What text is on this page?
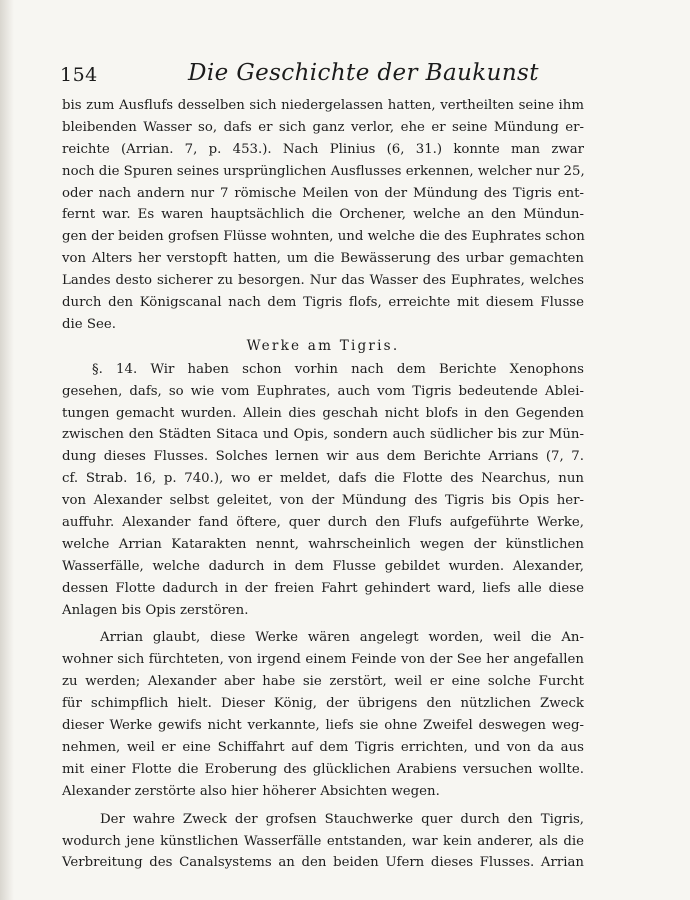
154	Die Geschichte der Baukunst
bis zum Ausflufs desselben sich niedergelassen hatten, vertheilten seine ihm
bleibenden Wasser so, dafs er sich ganz verlor, ehe er seine Mündung er-
reichte (Arrian. 7, p. 453.). Nach Plinius (6, 31.) konnte man zwar
noch die Spuren seines ursprünglichen Ausflusses erkennen, welcher nur 25,
oder nach andern nur 7 römische Meilen von der Mündung des Tigris ent-
fernt war. Es waren hauptsächlich die Orchener, welche an den Mündun-
gen der beiden grofsen Flüsse wohnten, und welche die des Euphrates schon
von Alters her verstopft hatten, um die Bewässerung des urbar gemachten
Landes desto sicherer zu besorgen. Nur das Wasser des Euphrates, welches
durch den Königscanal nach dem Tigris flofs, erreichte mit diesem Flusse
die See.
Werke am Tigris.
§. 14. Wir haben schon vorhin nach dem Berichte Xenophons
gesehen, dafs, so wie vom Euphrates, auch vom Tigris bedeutende Ablei-
tungen gemacht wurden. Allein dies geschah nicht blofs in den Gegenden
zwischen den Städten Sitaca und Opis, sondern auch südlicher bis zur Mün-
dung dieses Flusses. Solches lernen wir aus dem Berichte Arrians (7, 7.
cf. Strab. 16, p. 740.), wo er meldet, dafs die Flotte des Nearchus, nun
von Alexander selbst geleitet, von der Mündung des Tigris bis Opis her-
auffuhr. Alexander fand öftere, quer durch den Flufs aufgeführte Werke,
welche Arrian Katarakten nennt, wahrscheinlich wegen der künstlichen
Wasserfälle, welche dadurch in dem Flusse gebildet wurden. Alexander,
dessen Flotte dadurch in der freien Fahrt gehindert ward, liefs alle diese
Anlagen bis Opis zerstören.
Arrian glaubt, diese Werke wären angelegt worden, weil die An-
wohner sich fürchteten, von irgend einem Feinde von der See her angefallen
zu werden; Alexander aber habe sie zerstört, weil er eine solche Furcht
für schimpflich hielt. Dieser König, der übrigens den nützlichen Zweck
dieser Werke gewifs nicht verkannte, liefs sie ohne Zweifel deswegen weg-
nehmen, weil er eine Schiffahrt auf dem Tigris errichten, und von da aus
mit einer Flotte die Eroberung des glücklichen Arabiens versuchen wollte.
Alexander zerstörte also hier höherer Absichten wegen.
Der wahre Zweck der grofsen Stauchwerke quer durch den Tigris,
wodurch jene künstlichen Wasserfälle entstanden, war kein anderer, als die
Verbreitung des Canalsystems an den beiden Ufern dieses Flusses. Arrian
